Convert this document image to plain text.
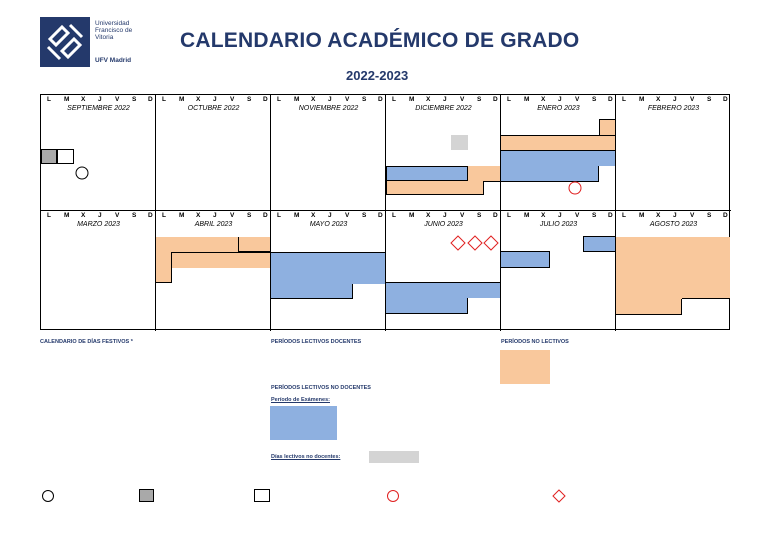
Universidad
Francisco de
Vitoria
UFV Madrid
CALENDARIO ACADÉMICO DE GRADO
2022-2023
L M X J V S D
SEPTIEMBRE 2022
L M X J V S D
OCTUBRE 2022
L M X J V S D
NOVIEMBRE 2022
L M X J V S D
DICIEMBRE 2022
L M X J V S D
ENERO 2023
L M X J V S D
FEBRERO 2023
L M X J V S D
MARZO 2023
L M X J V S D
ABRIL 2023
L M X J V S D
MAYO 2023
L M X J V S D
JUNIO 2023
L M X J V S D
JULIO 2023
L M X J V S D
AGOSTO 2023
CALENDARIO DE DÍAS FESTIVOS *	PERÍODOS LECTIVOS DOCENTES	PERÍODOS NO LECTIVOS
PERÍODOS LECTIVOS NO DOCENTES
Período de Exámenes:
Días lectivos no docentes:
